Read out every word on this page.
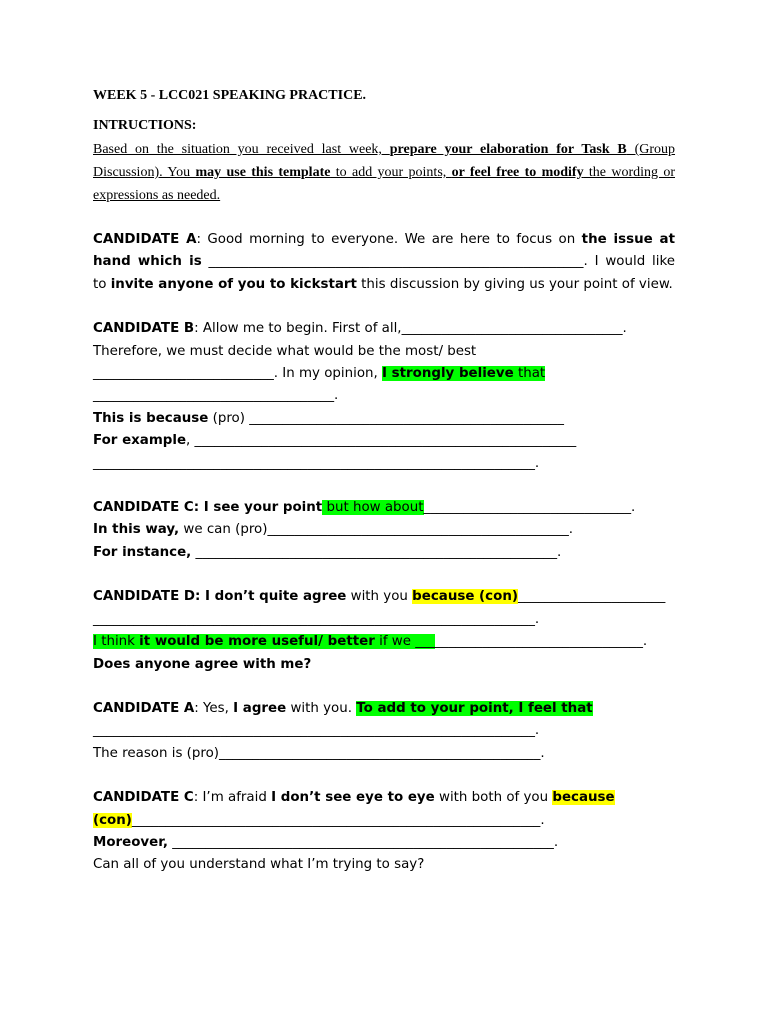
WEEK 5 - LCC021 SPEAKING PRACTICE.
INTRUCTIONS:
Based on the situation you received last week, prepare your elaboration for Task B (Group Discussion). You may use this template to add your points, or feel free to modify the wording or expressions as needed.
CANDIDATE A: Good morning to everyone. We are here to focus on the issue at hand which is ________________________________________________________. I would like to invite anyone of you to kickstart this discussion by giving us your point of view.
CANDIDATE B: Allow me to begin. First of all,_________________________________.
Therefore, we must decide what would be the most/ best
___________________________. In my opinion, I strongly believe that
____________________________________.
This is because (pro) _______________________________________________
For example, _________________________________________________________
__________________________________________________________________.
CANDIDATE C: I see your point but how about_______________________________.
In this way, we can (pro)_____________________________________________.
For instance, ______________________________________________________.
CANDIDATE D: I don’t quite agree with you because (con)______________________
__________________________________________________________________.
I think it would be more useful/ better if we __________________________________.
Does anyone agree with me?
CANDIDATE A: Yes, I agree with you. To add to your point, I feel that
__________________________________________________________________.
The reason is (pro)________________________________________________.
CANDIDATE C: I’m afraid I don’t see eye to eye with both of you because
(con)_____________________________________________________________.
Moreover, _________________________________________________________.
Can all of you understand what I’m trying to say?
